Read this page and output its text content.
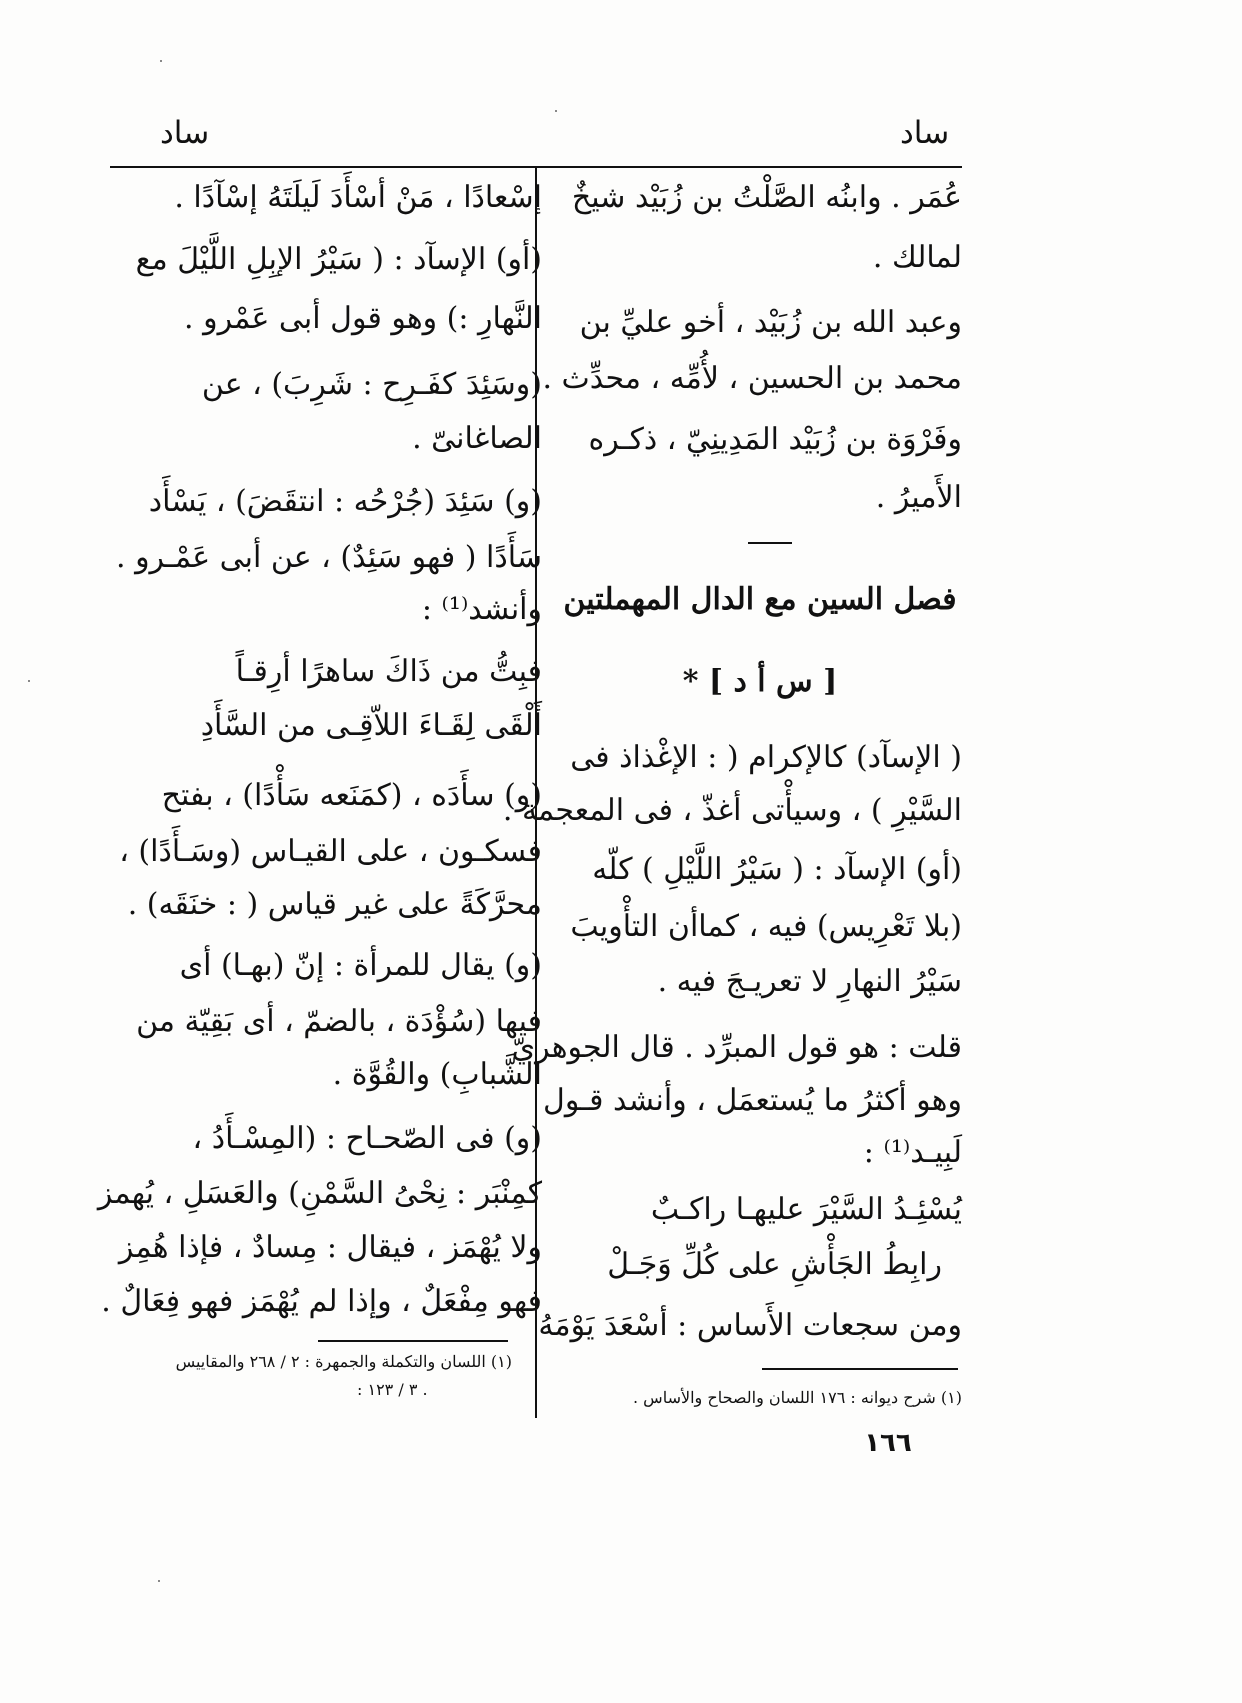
ساد	ساد
عُمَر . وابنُه الصَّلْتُ بن زُبَيْد شيخٌ
لمالك .
وعبد الله بن زُبَيْد ، أخو عليِّ بن
محمد بن الحسين ، لأُمِّه ، محدِّث .
وفَرْوَة بن زُبَيْد المَدِينِيّ ، ذكـره
الأَميرُ .
فصل السين مع الدال المهملتين
[ س أ د ] *
( الإسآد) كالإكرام ( : الإغْذاذ فى
السَّيْرِ ) ، وسيأْتى أغذّ ، فى المعجمة .
(أو) الإسآد : ( سَيْرُ اللَّيْلِ ) كلّه
(بلا تَعْرِيس) فيه ، كماأن التأْويبَ
سَيْرُ النهارِ لا تعريـجَ فيه .
قلت : هو قول المبرِّد . قال الجوهريّ
وهو أكثرُ ما يُستعمَل ، وأنشد قـول
لَبِيـد⁽¹⁾ :
يُسْئِـدُ السَّيْرَ عليهـا راكـبٌ
رابِطُ الجَأْشِ على كُلِّ وَجَـلْ
ومن سجعات الأَساس : أسْعَدَ يَوْمَهُ
(١) شرح ديوانه : ١٧٦ اللسان والصحاح والأساس .
إسْعادًا ، مَنْ أسْأَدَ لَيلَتَهُ إسْآدًا .
(أو) الإسآد : ( سَيْرُ الإبِلِ اللَّيْلَ مع
النَّهارِ :) وهو قول أبى عَمْرو .
(وسَئِدَ كفَـرِح : شَرِبَ) ، عن
الصاغانىّ .
(و) سَئِدَ (جُرْحُه : انتقَضَ) ، يَسْأَد
سَأَدًا ( فهو سَئِدٌ) ، عن أبى عَمْـرو .
وأنشد⁽¹⁾ :
فبِتُّ من ذَاكَ ساهرًا أرِقـاً
أَلْقَى لِقَـاءَ اللاّقِـى من السَّأَدِ
(و) سأَدَه ، (كمَنَعه سَأْدًا) ، بفتح
فسكـون ، على القيـاس (وسَـأَدًا) ،
محرَّكَةً على غير قياس ( : خنَقَه) .
(و) يقال للمرأة : إنّ (بهـا) أى
فيها (سُؤْدَة ، بالضمّ ، أى بَقِيّة من
الشَّبابِ) والقُوَّة .
(و) فى الصّحـاح : (المِسْـأَدُ ،
كمِنْبَر : نِحْىُ السَّمْنِ) والعَسَلِ ، يُهمز
ولا يُهْمَز ، فيقال : مِسادٌ ، فإذا هُمِز
فهو مِفْعَلٌ ، وإذا لم يُهْمَز فهو فِعَالٌ .
(١) اللسان والتكملة والجمهرة : ٢ / ٢٦٨ والمقاييس
: ٣ / ١٢٣ .
١٦٦
